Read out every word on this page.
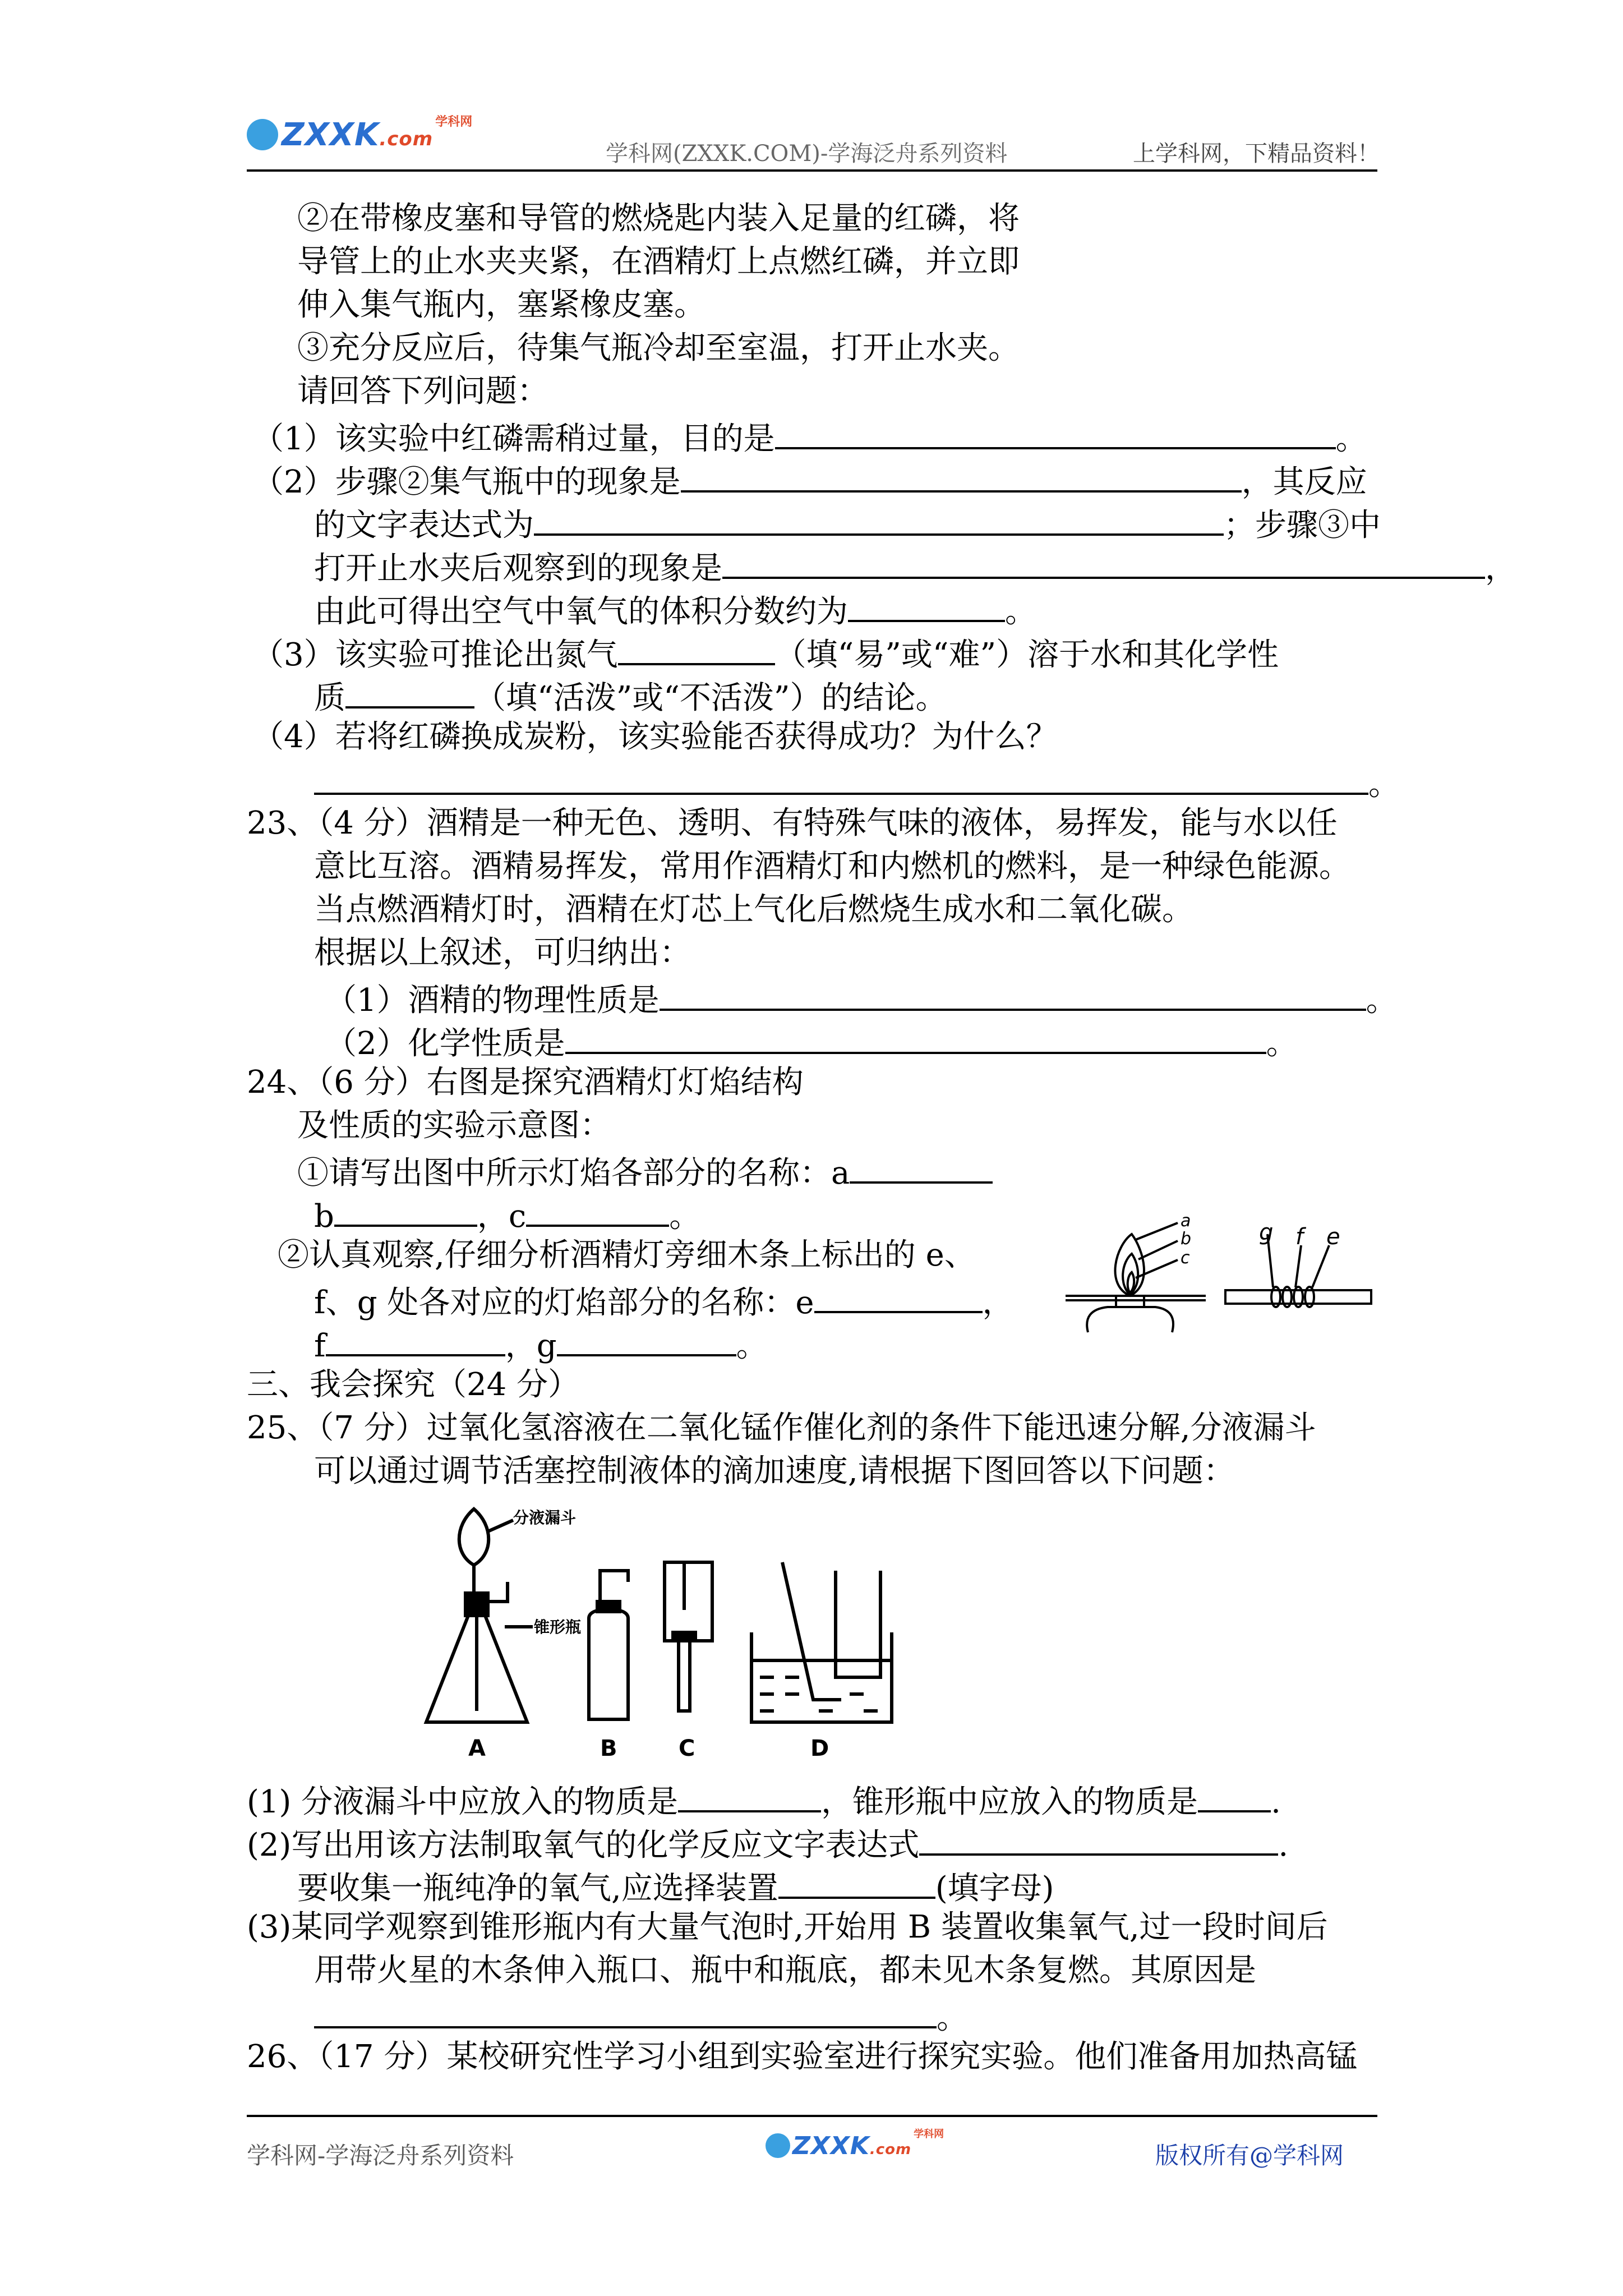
ZXXK.com
学科网
学科网(ZXXK.COM)-学海泛舟系列资料	上学科网，下精品资料！
②在带橡皮塞和导管的燃烧匙内装入足量的红磷，将
导管上的止水夹夹紧，在酒精灯上点燃红磷，并立即
伸入集气瓶内，塞紧橡皮塞。
③充分反应后，待集气瓶冷却至室温，打开止水夹。
请回答下列问题：
（1）该实验中红磷需稍过量，目的是	。
（2）步骤②集气瓶中的现象是	，其反应
的文字表达式为	；步骤③中
打开止水夹后观察到的现象是	，
由此可得出空气中氧气的体积分数约为	。
（3）该实验可推论出氮气	（填“易”或“难”）溶于水和其化学性
质	（填“活泼”或“不活泼”）的结论。
（4）若将红磷换成炭粉，该实验能否获得成功？为什么？
。
23、（4 分）酒精是一种无色、透明、有特殊气味的液体，易挥发，能与水以任
意比互溶。酒精易挥发，常用作酒精灯和内燃机的燃料，是一种绿色能源。
当点燃酒精灯时，酒精在灯芯上气化后燃烧生成水和二氧化碳。
根据以上叙述，可归纳出：
（1）酒精的物理性质是	。
（2）化学性质是	。
24、（6 分）右图是探究酒精灯灯焰结构
及性质的实验示意图：
①请写出图中所示灯焰各部分的名称：a
b	，c	。
②认真观察,仔细分析酒精灯旁细木条上标出的 e、
f、g 处各对应的灯焰部分的名称：e	，
f	，g	。
a
b
c
g f e
三、我会探究（24 分）
25、（7 分）过氧化氢溶液在二氧化锰作催化剂的条件下能迅速分解,分液漏斗
可以通过调节活塞控制液体的滴加速度,请根据下图回答以下问题：
分液漏斗
锥形瓶
A	B	C	D
(1) 分液漏斗中应放入的物质是	，锥形瓶中应放入的物质是 .
(2)写出用该方法制取氧气的化学反应文字表达式	.
要收集一瓶纯净的氧气,应选择装置	(填字母)
(3)某同学观察到锥形瓶内有大量气泡时,开始用 B 装置收集氧气,过一段时间后
用带火星的木条伸入瓶口、瓶中和瓶底，都未见木条复燃。其原因是
。
26、（17 分）某校研究性学习小组到实验室进行探究实验。他们准备用加热高锰
学科网-学海泛舟系列资料	ZXXK.com
学科网
版权所有@学科网
